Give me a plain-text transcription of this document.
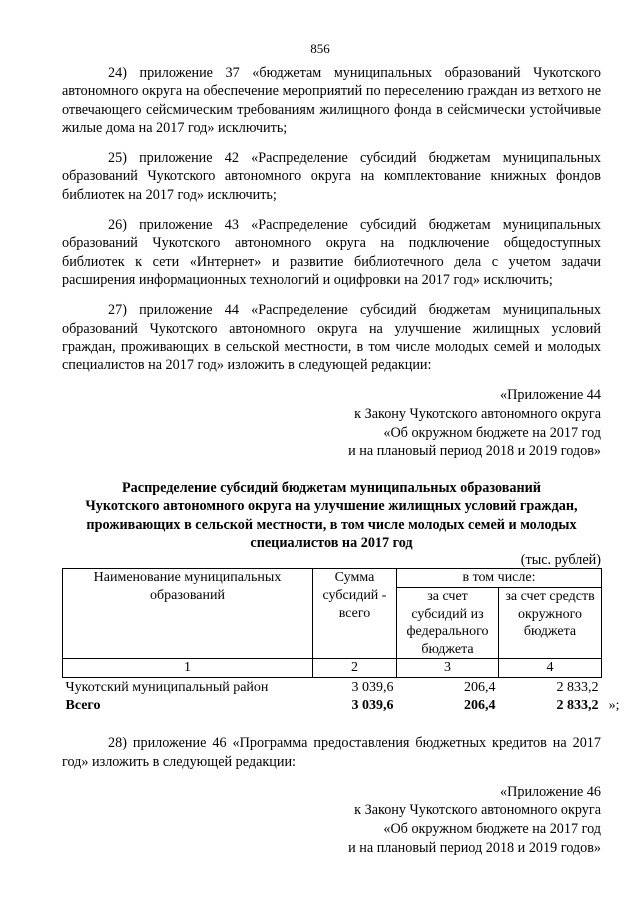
856

24) приложение 37 «бюджетам муниципальных образований Чукотского автономного округа на обеспечение мероприятий по переселению граждан из ветхого не отвечающего сейсмическим требованиям жилищного фонда в сейсмически устойчивые жилые дома на 2017 год» исключить;

25) приложение 42 «Распределение субсидий бюджетам муниципальных образований Чукотского автономного округа на комплектование книжных фондов библиотек на 2017 год» исключить;

26) приложение 43 «Распределение субсидий бюджетам муниципальных образований Чукотского автономного округа на подключение общедоступных библиотек к сети «Интернет» и развитие библиотечного дела с учетом задачи расширения информационных технологий и оцифровки на 2017 год» исключить;

27) приложение 44 «Распределение субсидий бюджетам муниципальных образований Чукотского автономного округа на улучшение жилищных условий граждан, проживающих в сельской местности, в том числе молодых семей и молодых специалистов на 2017 год» изложить в следующей редакции:

«Приложение 44
к Закону Чукотского автономного округа
«Об окружном бюджете на 2017 год
и на плановый период 2018 и 2019 годов»
Распределение субсидий бюджетам муниципальных образований
Чукотского автономного округа на улучшение жилищных условий граждан,
проживающих в сельской местности, в том числе молодых семей и молодых
специалистов на 2017 год
(тыс. рублей)
Наименование муниципальных образований	Сумма субсидий - всего	в том числе:	
		за счет субсидий из федерального бюджета	за счет средств окружного бюджета
1	2	3	4
Чукотский муниципальный район	3 039,6	206,4	2 833,2
Всего	3 039,6	206,4	2 833,2 »;

28) приложение 46 «Программа предоставления бюджетных кредитов на 2017 год» изложить в следующей редакции:

«Приложение 46
к Закону Чукотского автономного округа
«Об окружном бюджете на 2017 год
и на плановый период 2018 и 2019 годов»
